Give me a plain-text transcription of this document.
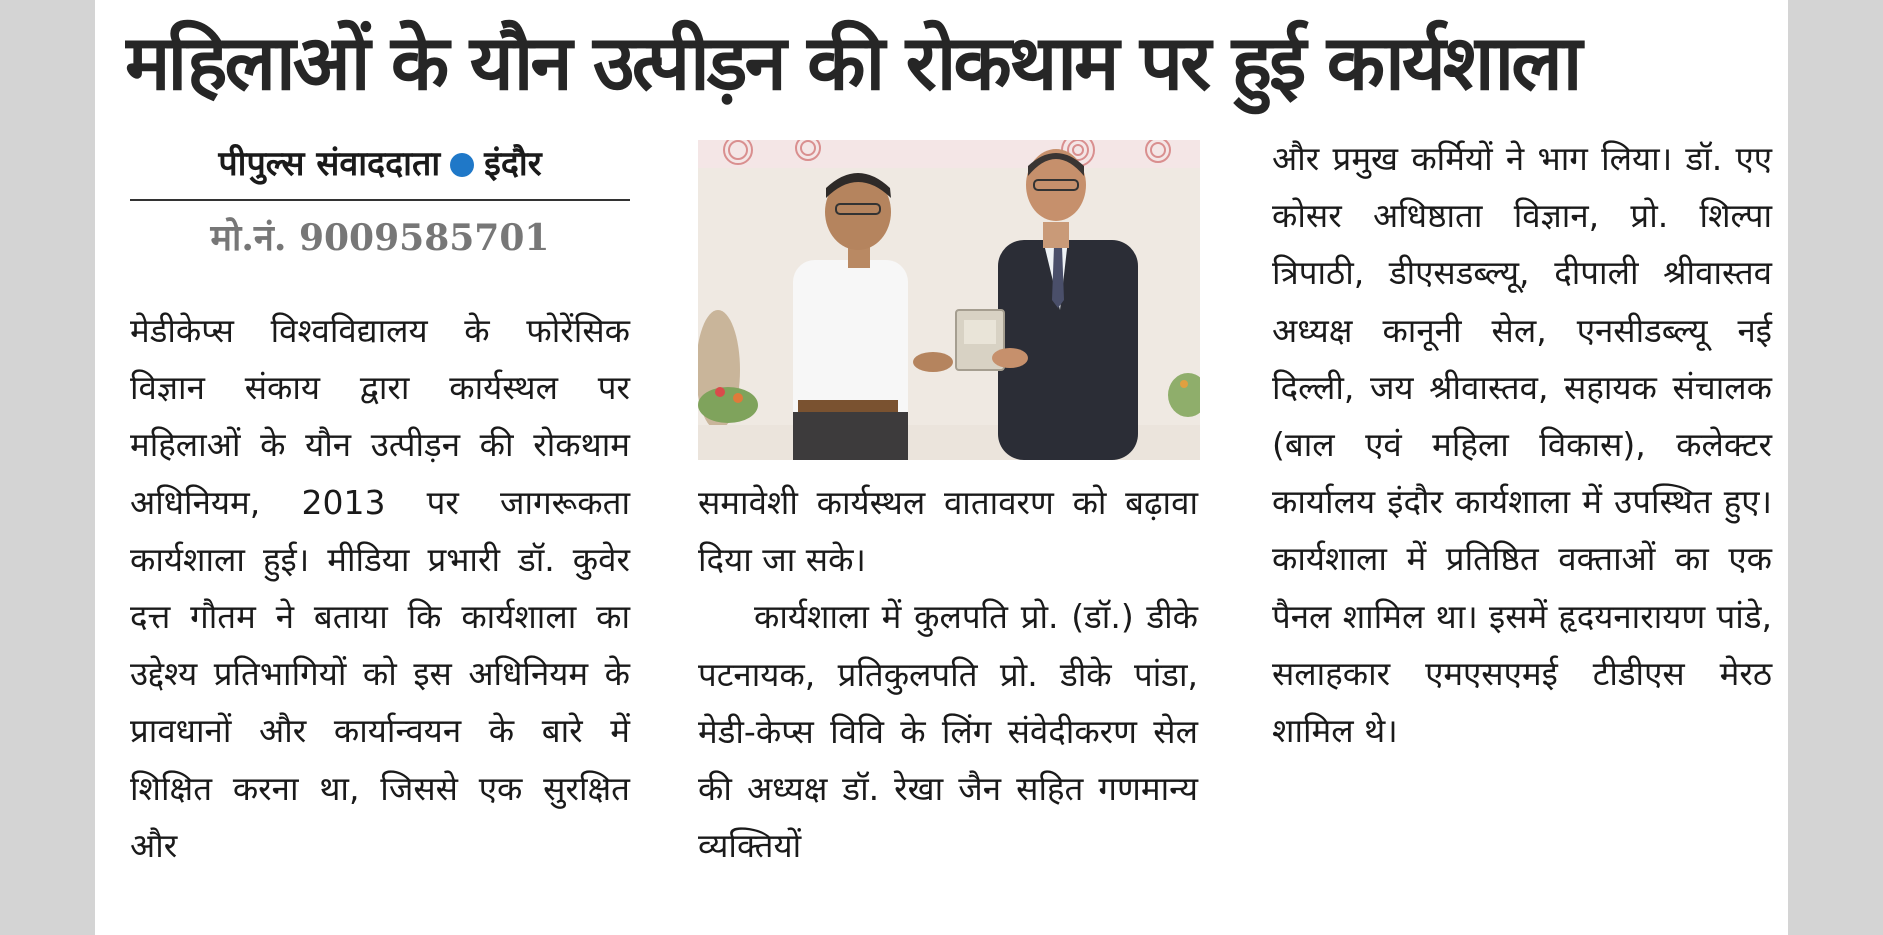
महिलाओं के यौन उत्पीड़न की रोकथाम पर हुई कार्यशाला
पीपुल्स संवाददाता इंदौर
मो.नं. 9009585701

मेडीकेप्स विश्वविद्यालय के फोरेंसिक विज्ञान संकाय द्वारा कार्यस्थल पर महिलाओं के यौन उत्पीड़न की रोकथाम अधिनियम, 2013 पर जागरूकता कार्यशाला हुई। मीडिया प्रभारी डॉ. कुवेर दत्त गौतम ने बताया कि कार्यशाला का उद्देश्य प्रतिभागियों को इस अधिनियम के प्रावधानों और कार्यान्वयन के बारे में शिक्षित करना था, जिससे एक सुरक्षित और

समावेशी कार्यस्थल वातावरण को बढ़ावा दिया जा सके।

कार्यशाला में कुलपति प्रो. (डॉ.) डीके पटनायक, प्रतिकुलपति प्रो. डीके पांडा, मेडी-केप्स विवि के लिंग संवेदीकरण सेल की अध्यक्ष डॉ. रेखा जैन सहित गणमान्य व्यक्तियों

और प्रमुख कर्मियों ने भाग लिया। डॉ. एए कोसर अधिष्ठाता विज्ञान, प्रो. शिल्पा त्रिपाठी, डीएसडब्ल्यू, दीपाली श्रीवास्तव अध्यक्ष कानूनी सेल, एनसीडब्ल्यू नई दिल्ली, जय श्रीवास्तव, सहायक संचालक (बाल एवं महिला विकास), कलेक्टर कार्यालय इंदौर कार्यशाला में उपस्थित हुए। कार्यशाला में प्रतिष्ठित वक्ताओं का एक पैनल शामिल था। इसमें हृदयनारायण पांडे, सलाहकार एमएसएमई टीडीएस मेरठ शामिल थे।
